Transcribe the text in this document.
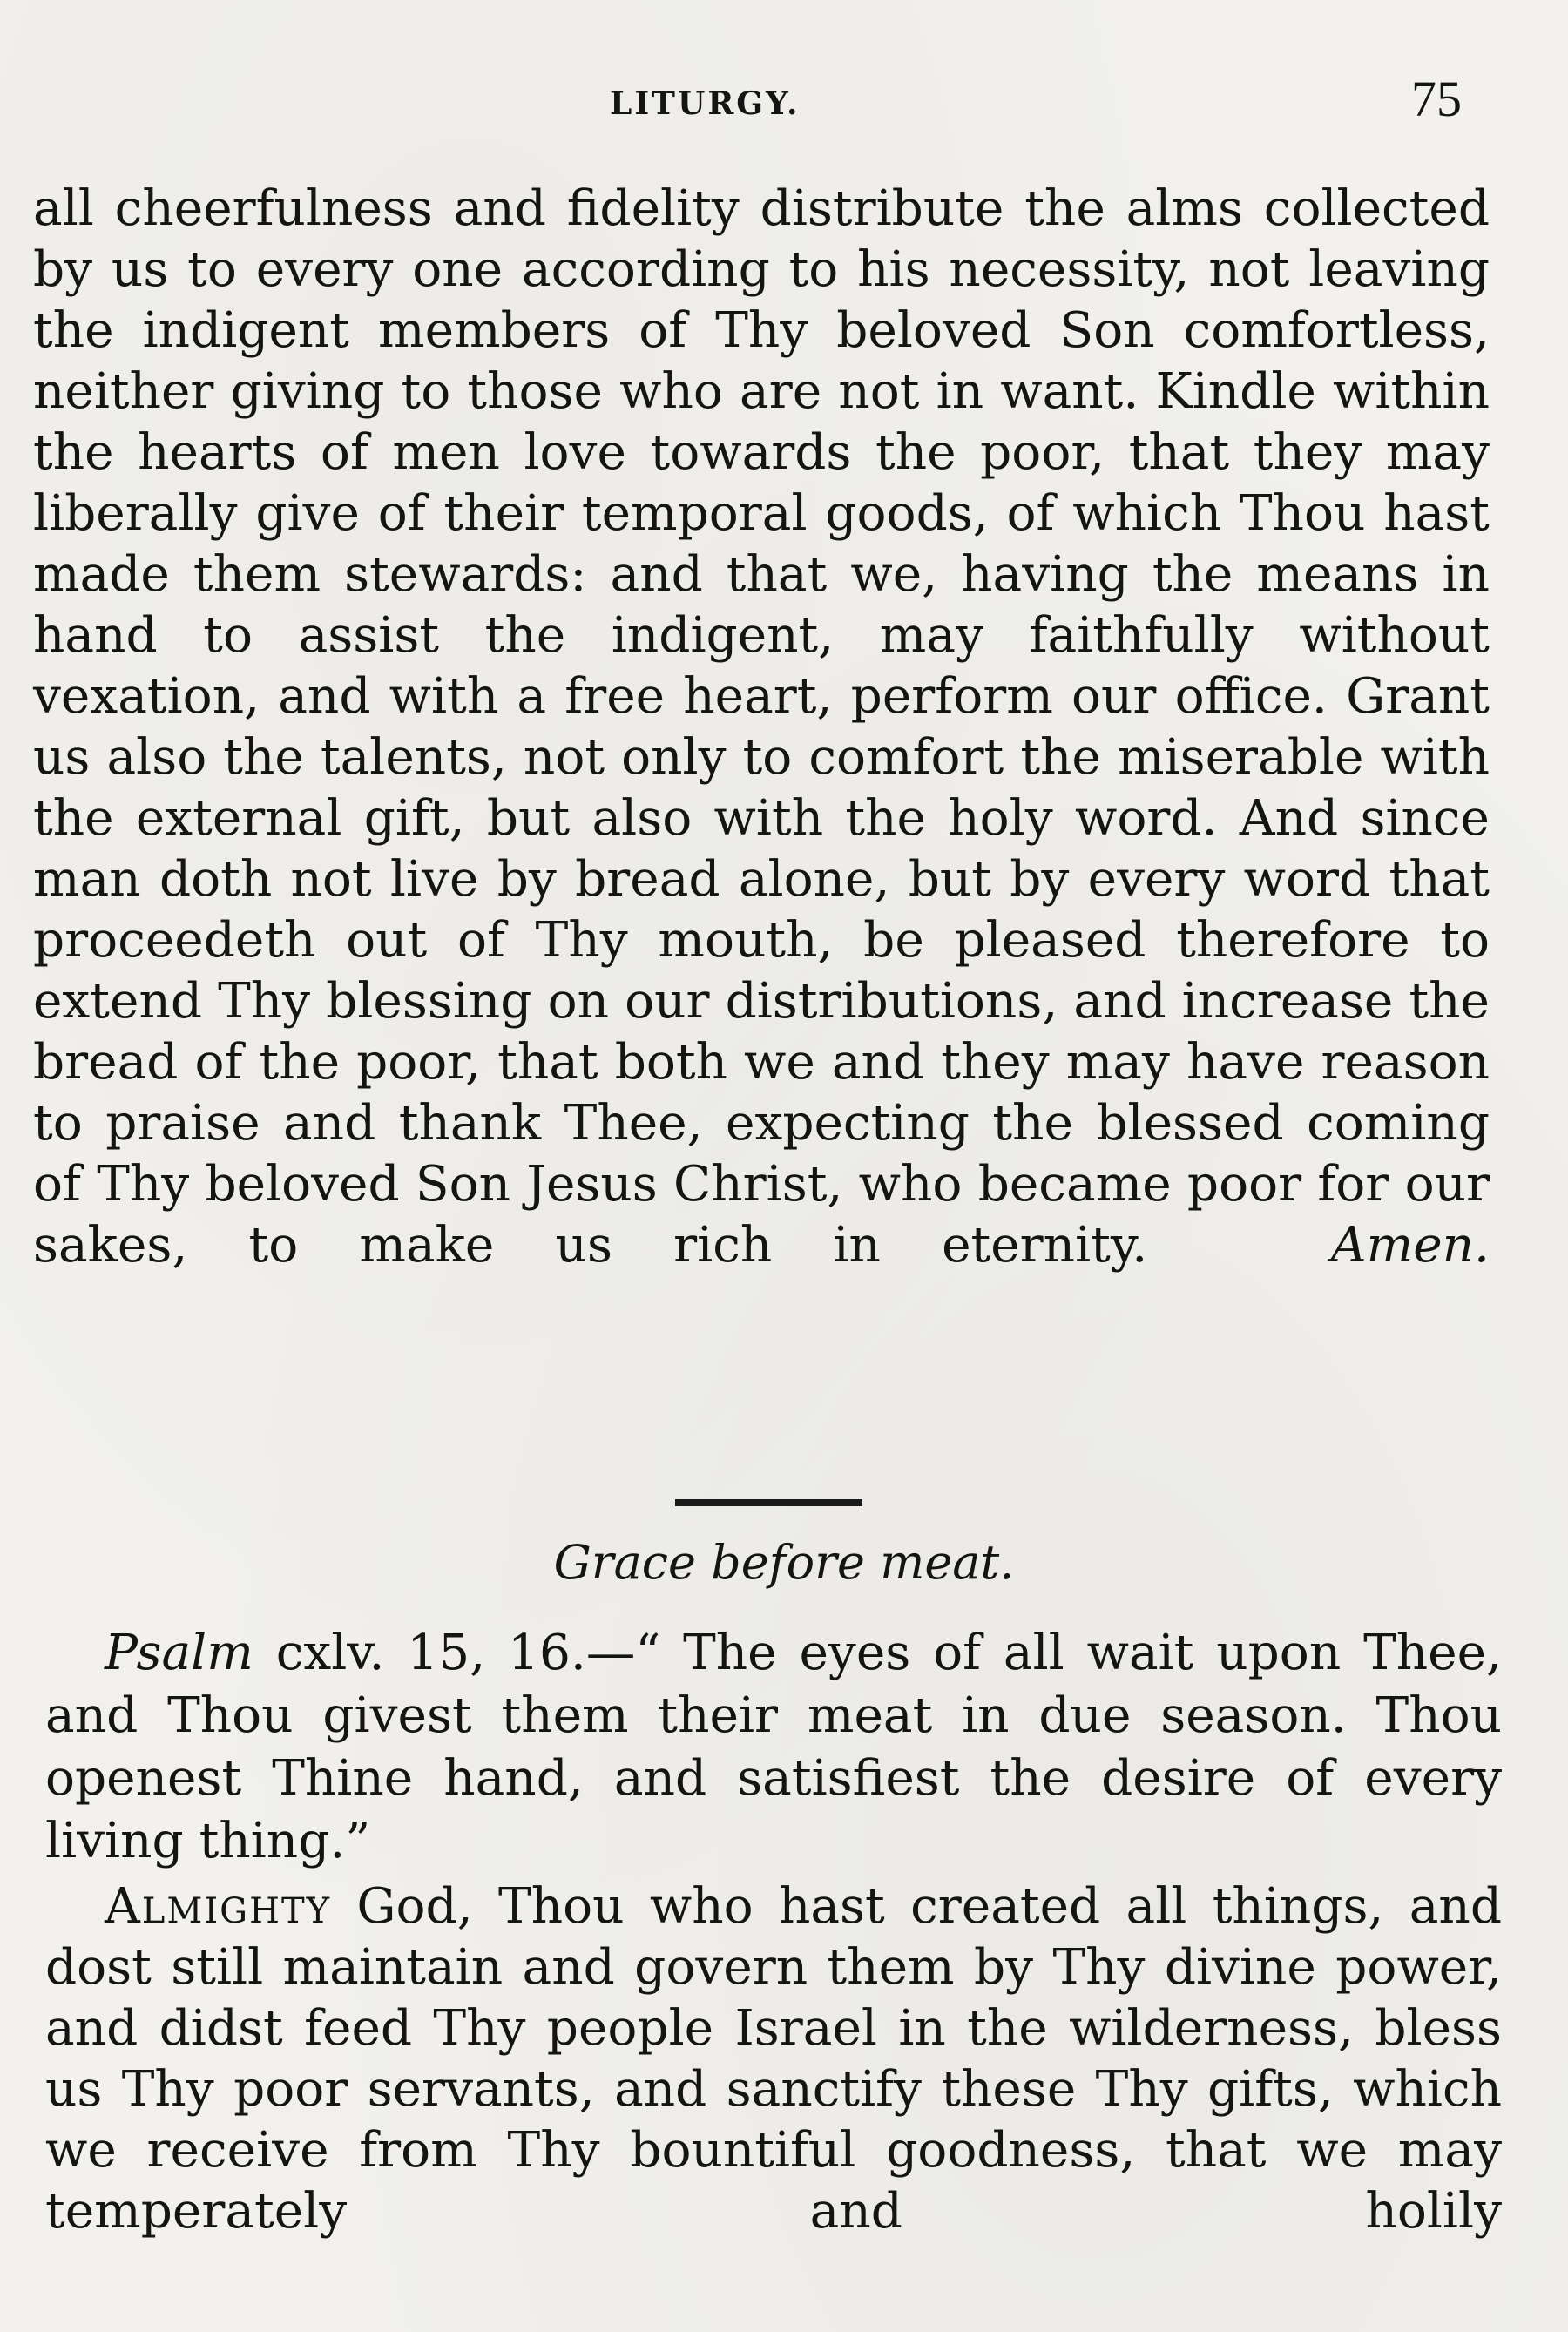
LITURGY.	75

all cheerfulness and fidelity distribute the alms collected by us to every one according to his necessity, not leaving the indigent members of Thy beloved Son comfortless, neither giving to those who are not in want. Kindle within the hearts of men love towards the poor, that they may liberally give of their temporal goods, of which Thou hast made them stewards: and that we, having the means in hand to assist the indigent, may faithfully without vexation, and with a free heart, perform our office. Grant us also the talents, not only to comfort the miserable with the external gift, but also with the holy word. And since man doth not live by bread alone, but by every word that proceedeth out of Thy mouth, be pleased therefore to extend Thy blessing on our distributions, and increase the bread of the poor, that both we and they may have reason to praise and thank Thee, expecting the blessed coming of Thy beloved Son Jesus Christ, who became poor for our sakes, to make us rich in eternity.	Amen.

Grace before meat.

Psalm cxlv. 15, 16.—“ The eyes of all wait upon Thee, and Thou givest them their meat in due season. Thou openest Thine hand, and satisfiest the desire of every living thing.”

Almighty God, Thou who hast created all things, and dost still maintain and govern them by Thy divine power, and didst feed Thy people Israel in the wilderness, bless us Thy poor servants, and sanctify these Thy gifts, which we receive from Thy bountiful goodness, that we may temperately and holily
